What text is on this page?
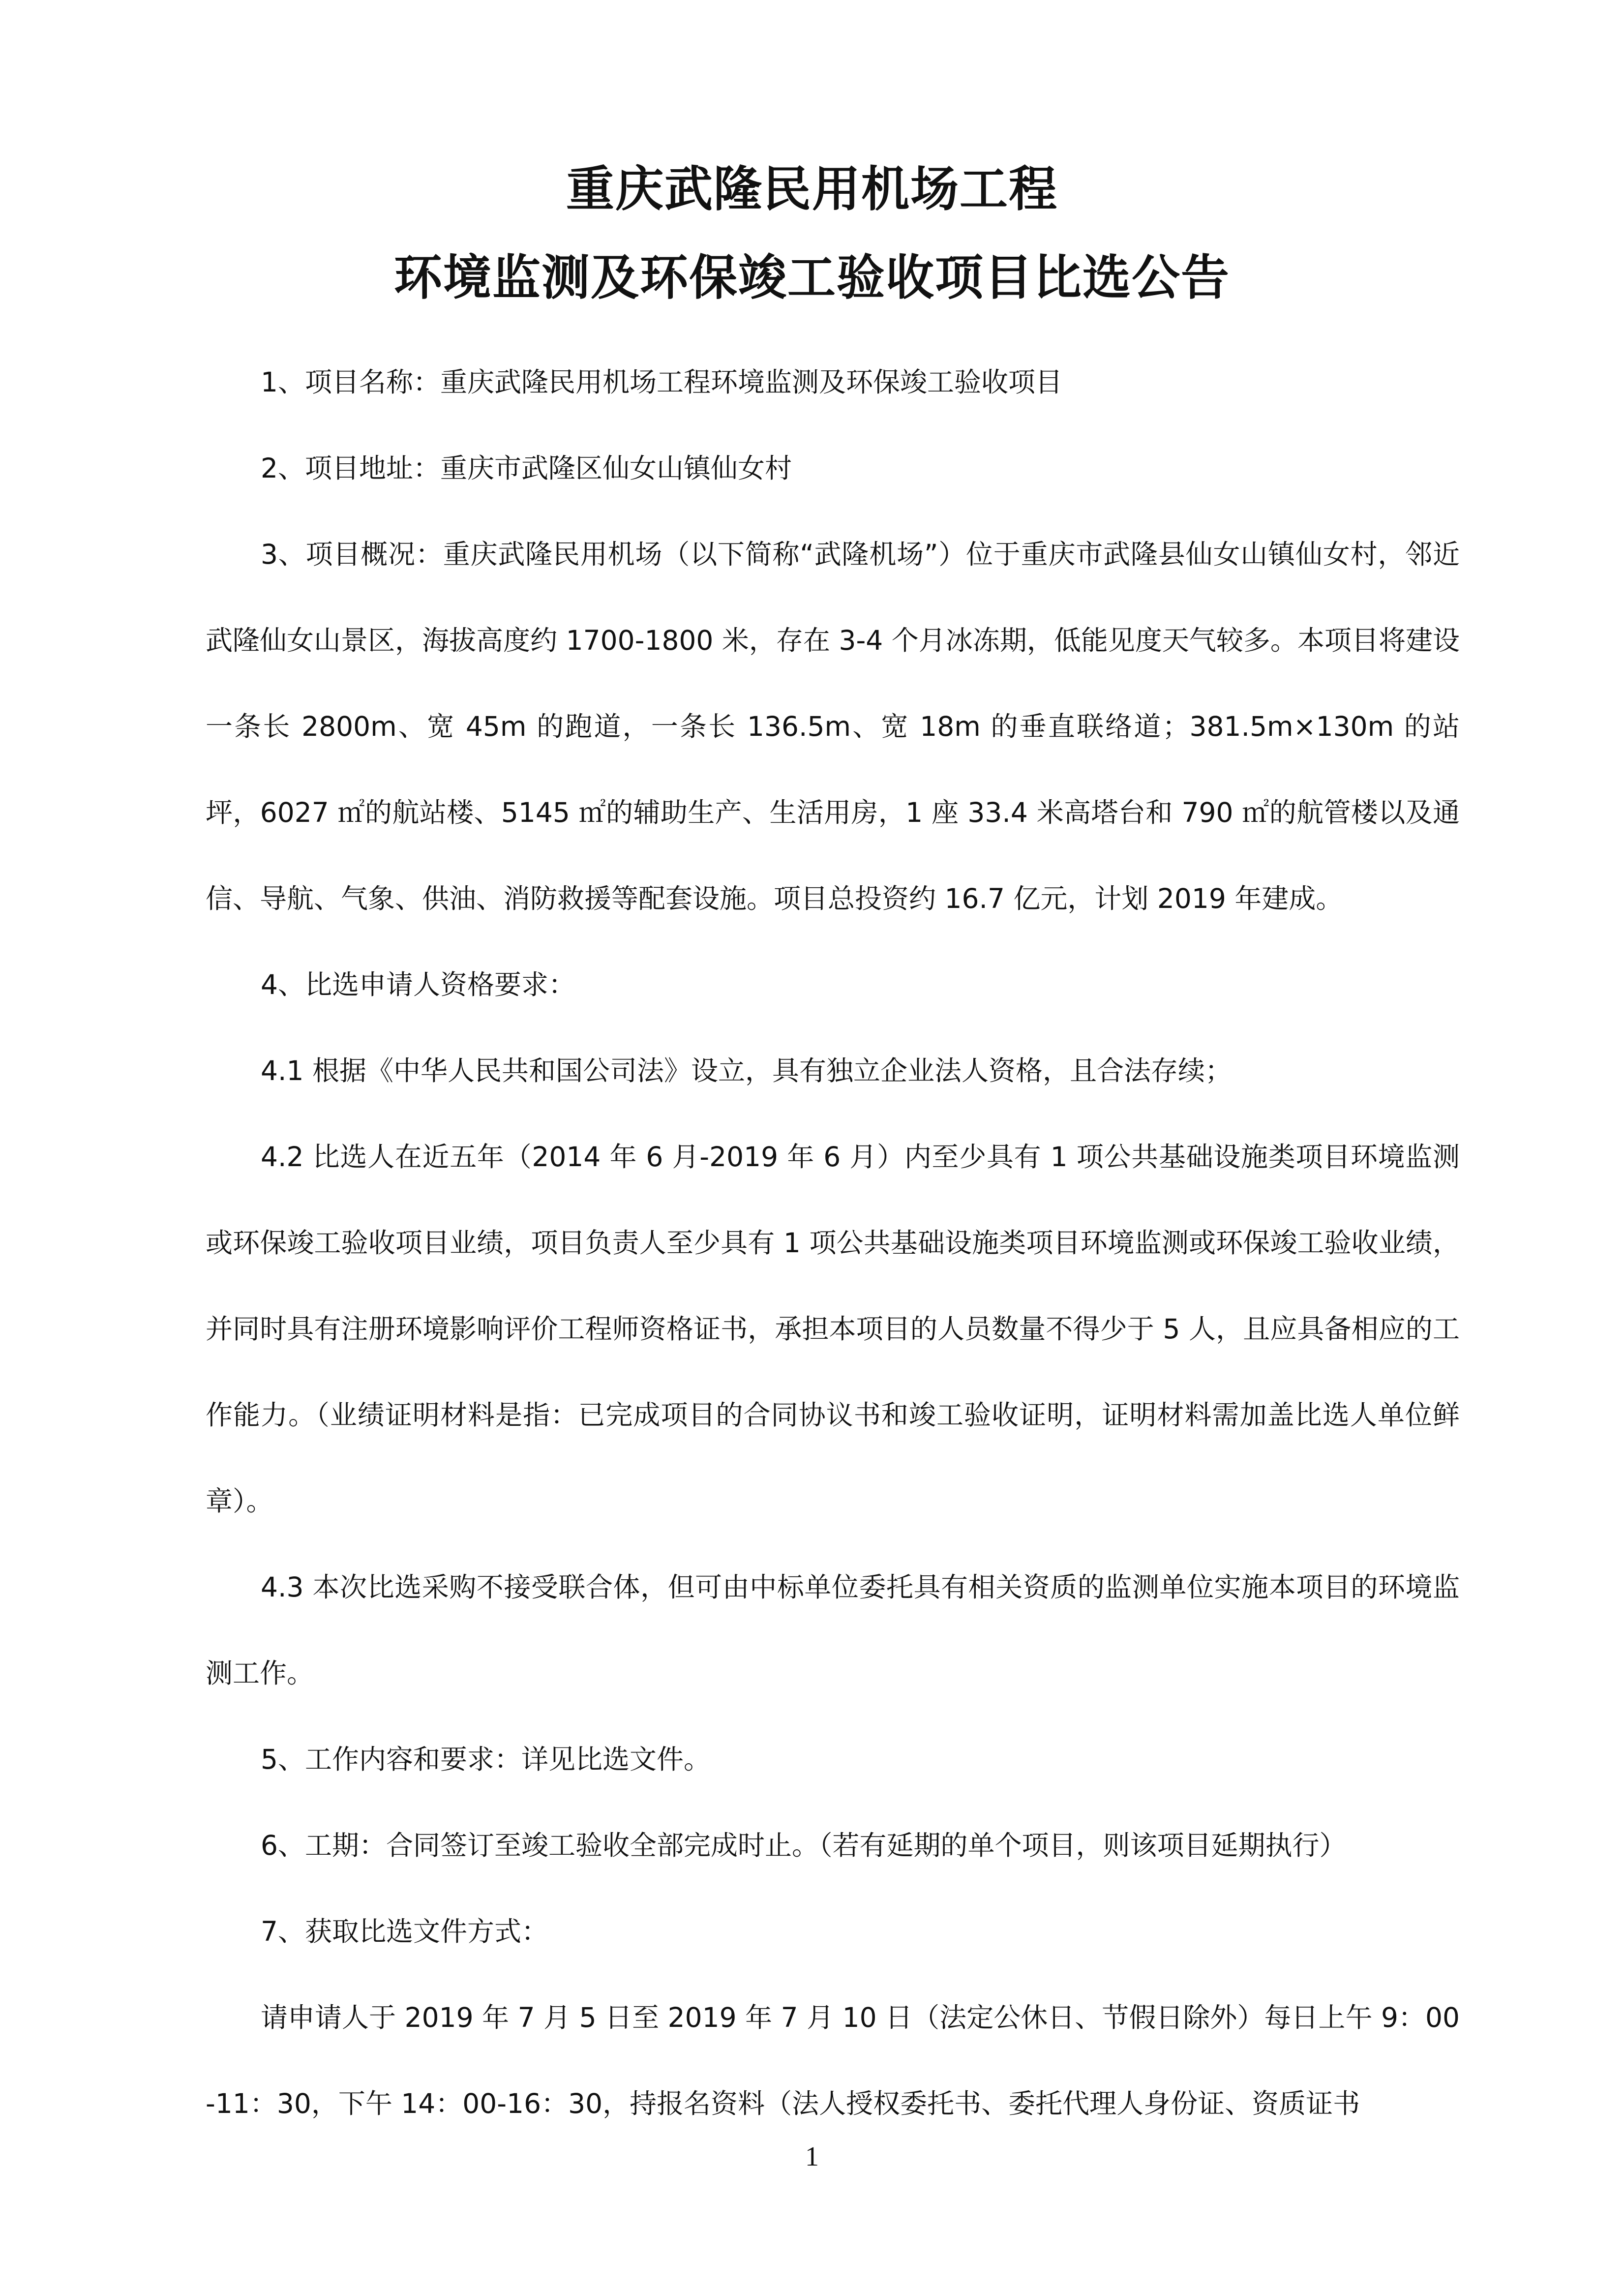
重庆武隆民用机场工程
环境监测及环保竣工验收项目比选公告

1、项目名称：重庆武隆民用机场工程环境监测及环保竣工验收项目

2、项目地址：重庆市武隆区仙女山镇仙女村

3、项目概况：重庆武隆民用机场（以下简称“武隆机场”）位于重庆市武隆县仙女山镇仙女村，邻近武隆仙女山景区，海拔高度约 1700-1800 米，存在 3-4 个月冰冻期，低能见度天气较多。本项目将建设一条长 2800m、宽 45m 的跑道，一条长 136.5m、宽 18m 的垂直联络道；381.5m×130m 的站坪，6027 ㎡的航站楼、5145 ㎡的辅助生产、生活用房，1 座 33.4 米高塔台和 790 ㎡的航管楼以及通信、导航、气象、供油、消防救援等配套设施。项目总投资约 16.7 亿元，计划 2019 年建成。

4、比选申请人资格要求：

4.1 根据《中华人民共和国公司法》设立，具有独立企业法人资格，且合法存续；

4.2 比选人在近五年（2014 年 6 月-2019 年 6 月）内至少具有 1 项公共基础设施类项目环境监测或环保竣工验收项目业绩，项目负责人至少具有 1 项公共基础设施类项目环境监测或环保竣工验收业绩，并同时具有注册环境影响评价工程师资格证书，承担本项目的人员数量不得少于 5 人，且应具备相应的工作能力。（业绩证明材料是指：已完成项目的合同协议书和竣工验收证明，证明材料需加盖比选人单位鲜章）。

4.3 本次比选采购不接受联合体，但可由中标单位委托具有相关资质的监测单位实施本项目的环境监测工作。

5、工作内容和要求：详见比选文件。

6、工期：合同签订至竣工验收全部完成时止。（若有延期的单个项目，则该项目延期执行）

7、获取比选文件方式：

请申请人于 2019 年 7 月 5 日至 2019 年 7 月 10 日（法定公休日、节假日除外）每日上午 9：00-11：30，下午 14：00-16：30，持报名资料（法人授权委托书、委托代理人身份证、资质证书

1
